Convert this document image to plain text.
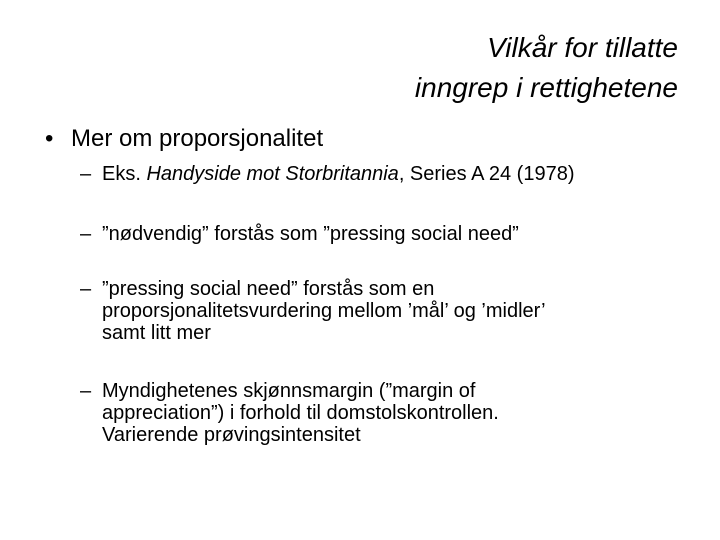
Vilkår for tillatte
inngrep i rettighetene
• Mer om proporsjonalitet
– Eks. Handyside mot Storbritannia, Series A 24 (1978)
– ”nødvendig” forstås som ”pressing social need”
– ”pressing social need” forstås som en
proporsjonalitetsvurdering mellom ’mål’ og ’midler’
samt litt mer
– Myndighetenes skjønnsmargin (”margin of
appreciation”) i forhold til domstolskontrollen.
Varierende prøvingsintensitet
